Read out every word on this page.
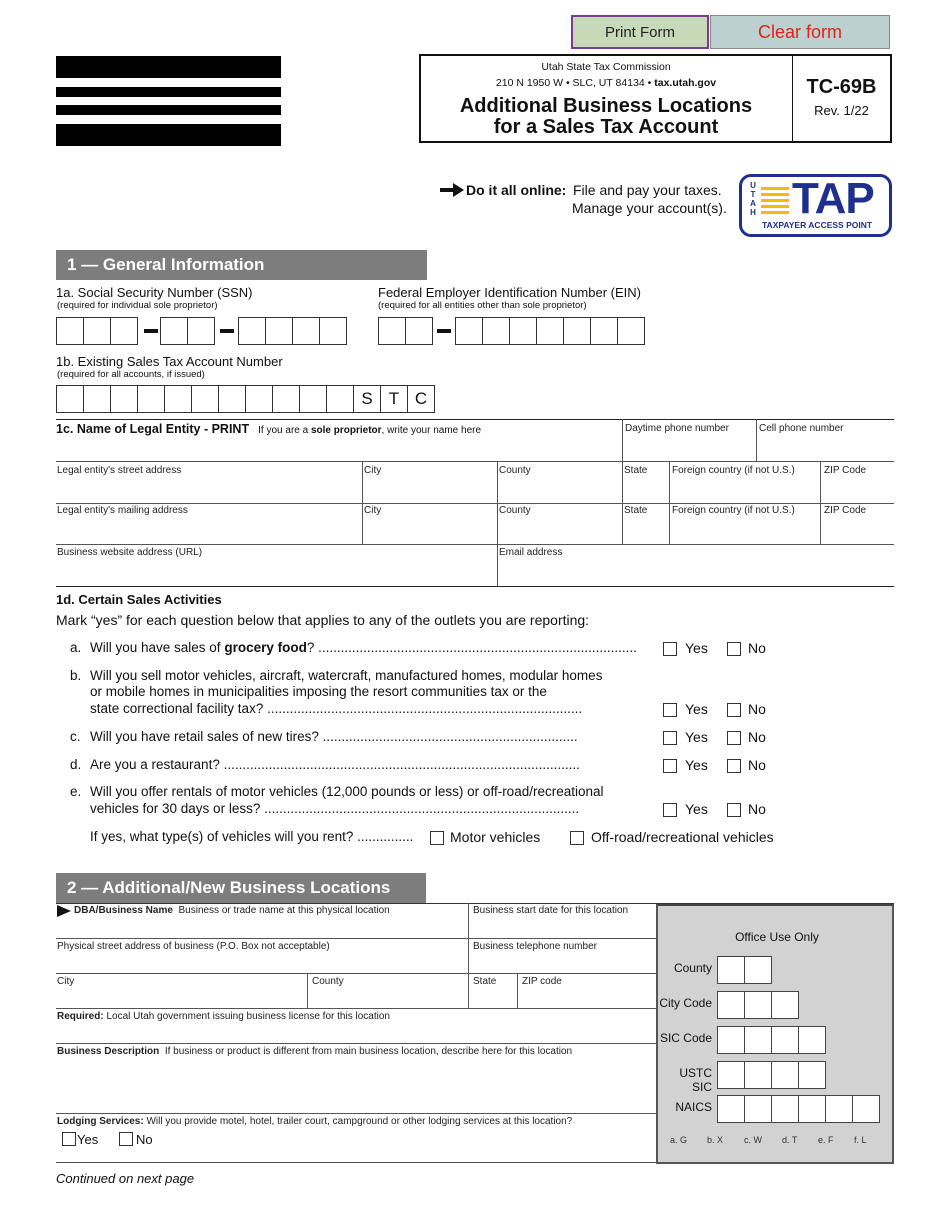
Print Form	Clear form
Utah State Tax Commission
210 N 1950 W • SLC, UT 84134 • tax.utah.gov
Additional Business Locations
for a Sales Tax Account
TC-69B
Rev. 1/22
Do it all online: File and pay your taxes.
Manage your account(s).
UTAH TAP
TAXPAYER ACCESS POINT
1 — General Information
1a. Social Security Number (SSN)
(required for individual sole proprietor)
Federal Employer Identification Number (EIN)
(required for all entities other than sole proprietor)
1b. Existing Sales Tax Account Number
(required for all accounts, if issued)
S T C
1c. Name of Legal Entity - PRINT If you are a sole proprietor, write your name here	Daytime phone number	Cell phone number
Legal entity's street address	City	County	State Foreign country (if not U.S.)	ZIP Code
Legal entity's mailing address	City	County	State Foreign country (if not U.S.)	ZIP Code
Business website address (URL)	Email address
1d. Certain Sales Activities
Mark “yes” for each question below that applies to any of the outlets you are reporting:
a. Will you have sales of grocery food? .....................................................................................	Yes	No
b. Will you sell motor vehicles, aircraft, watercraft, manufactured homes, modular homes
or mobile homes in municipalities imposing the resort communities tax or the
state correctional facility tax? ....................................................................................	Yes	No
c. Will you have retail sales of new tires? ....................................................................	Yes	No
d. Are you a restaurant? ...............................................................................................	Yes	No
e. Will you offer rentals of motor vehicles (12,000 pounds or less) or off-road/recreational
vehicles for 30 days or less? ....................................................................................	Yes	No
If yes, what type(s) of vehicles will you rent? ...............	Motor vehicles	Off-road/recreational vehicles
2 — Additional/New Business Locations
DBA/Business Name Business or trade name at this physical location	Business start date for this location
Physical street address of business (P.O. Box not acceptable)	Business telephone number
City	County	State	ZIP code
Required: Local Utah government issuing business license for this location
Business Description If business or product is different from main business location, describe here for this location
Lodging Services: Will you provide motel, hotel, trailer court, campground or other lodging services at this location?
Yes	No
Office Use Only
County
City Code
SIC Code
USTC SIC
NAICS
a. G b. X c. W d. T e. F f. L
Continued on next page
